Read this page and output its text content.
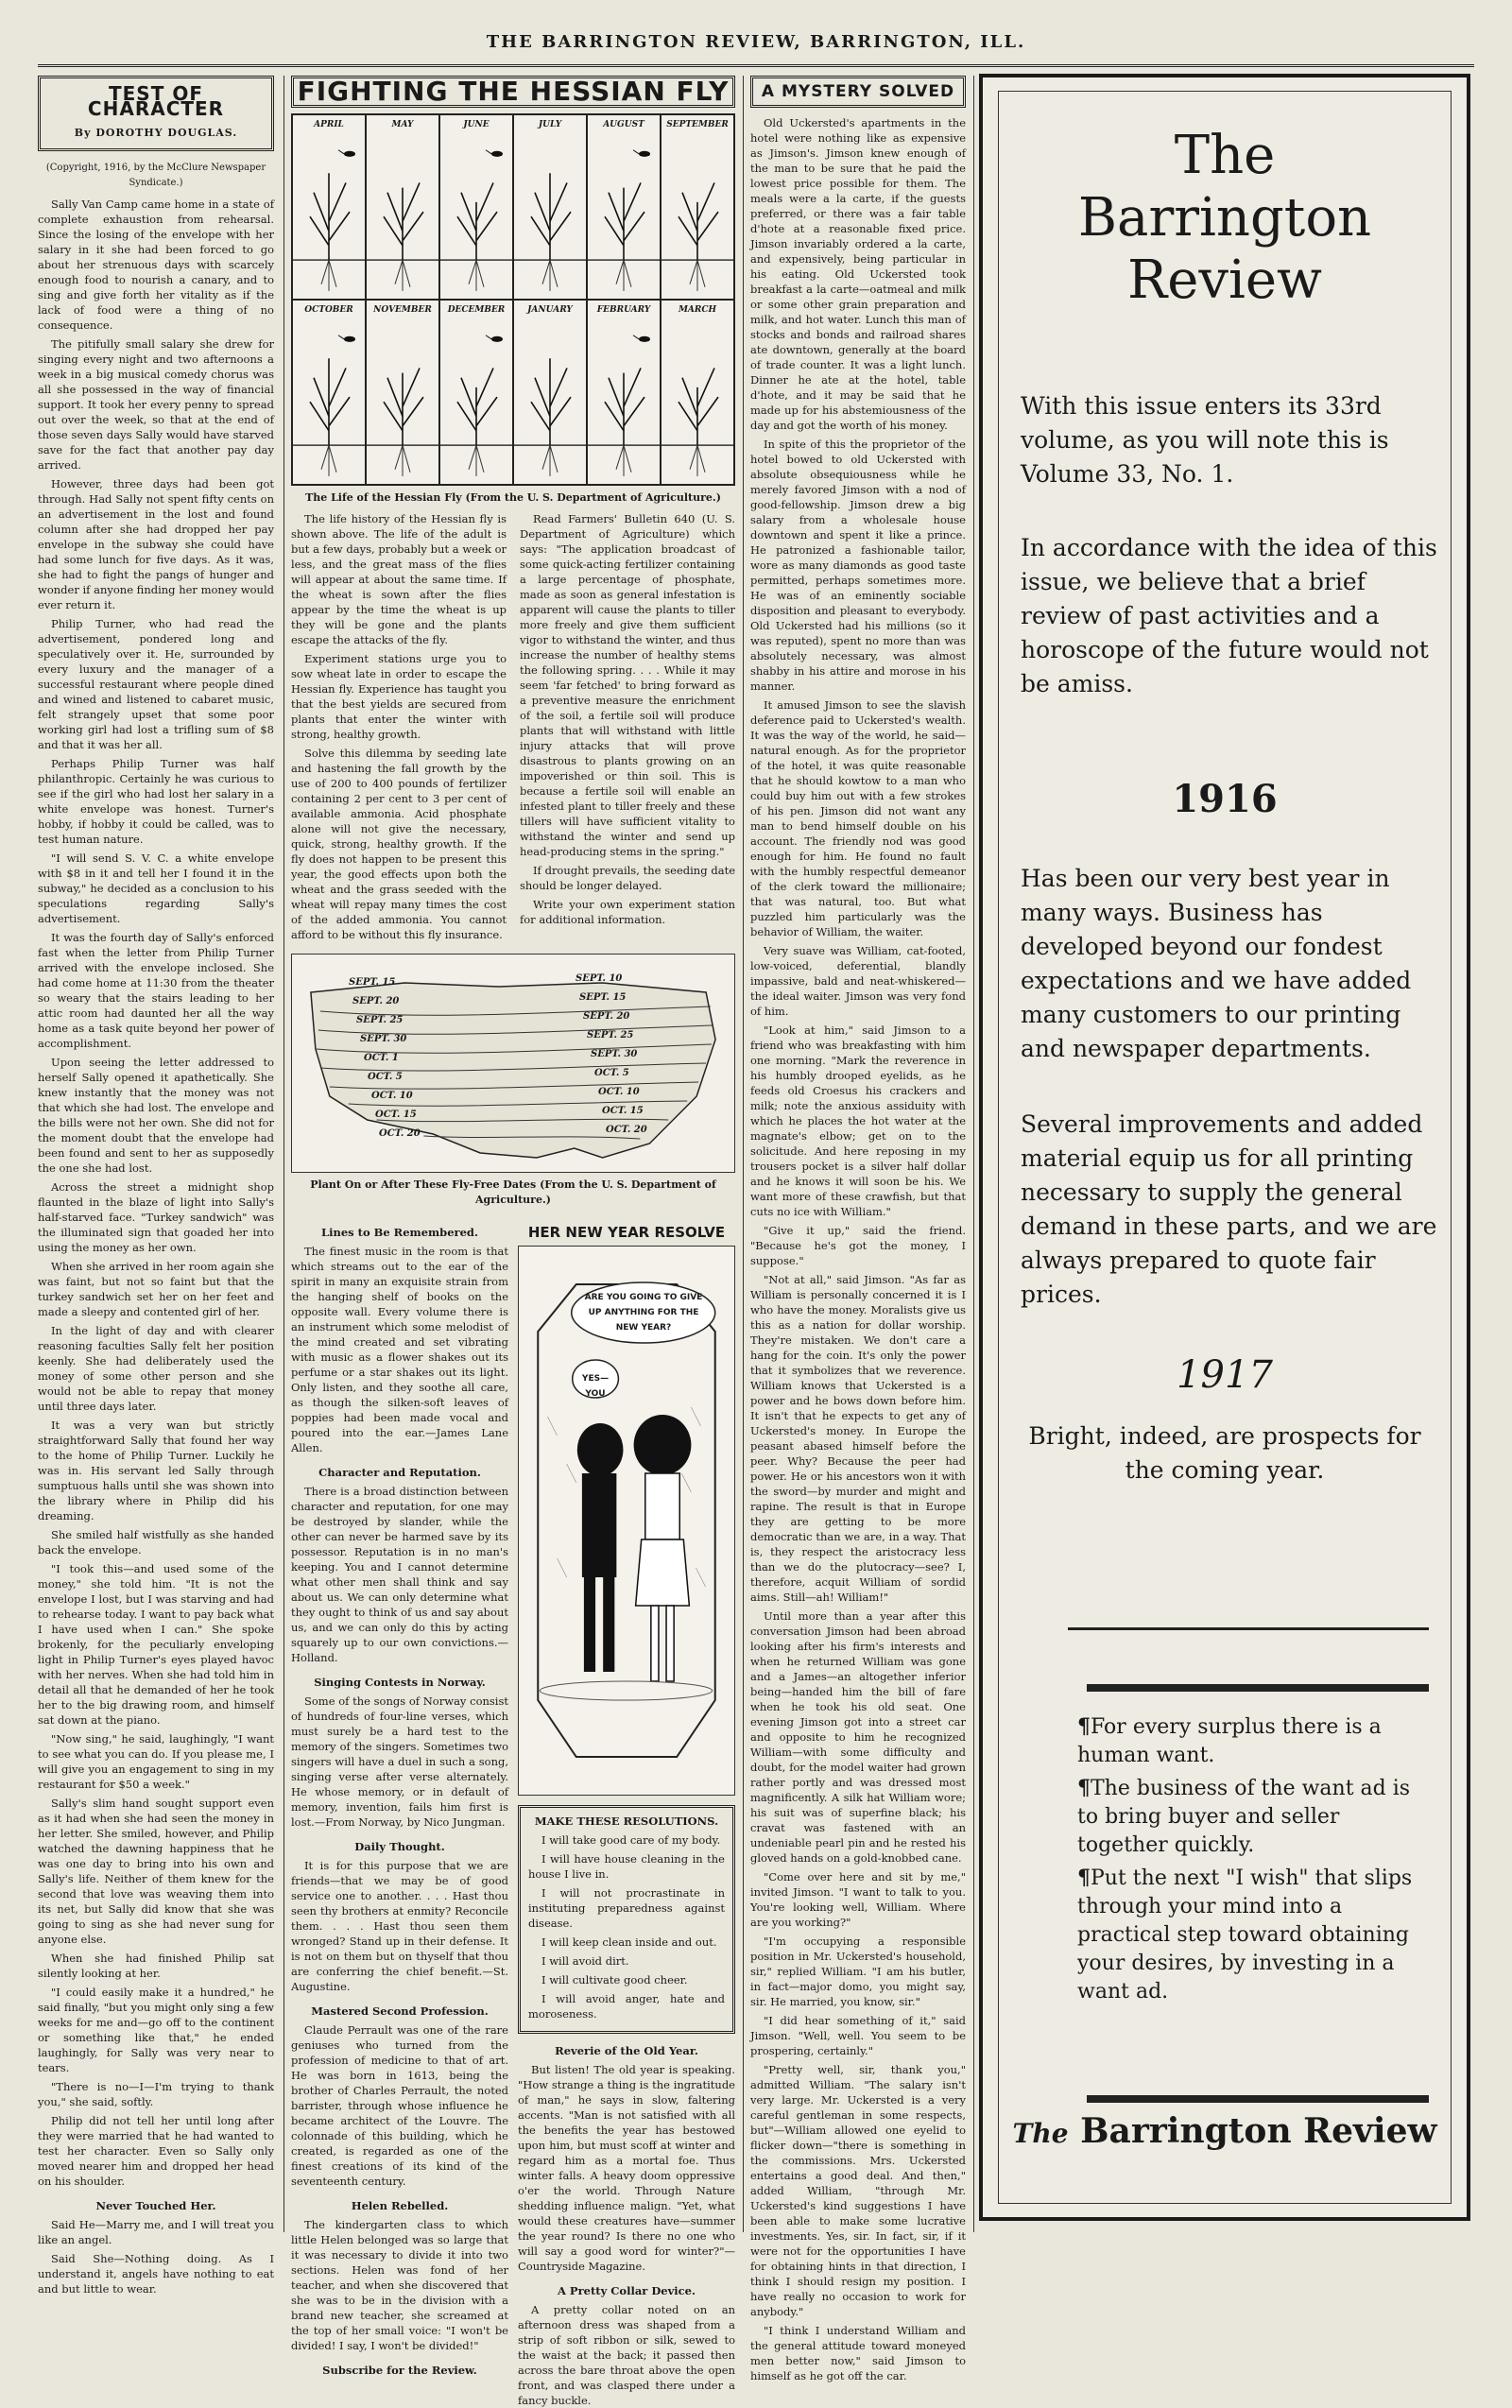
THE BARRINGTON REVIEW, BARRINGTON, ILL.
TEST OF CHARACTER
By DOROTHY DOUGLAS.
(Copyright, 1916, by the McClure Newspaper Syndicate.)

Sally Van Camp came home in a state of complete exhaustion from rehearsal. Since the losing of the envelope with her salary in it she had been forced to go about her strenuous days with scarcely enough food to nourish a canary, and to sing and give forth her vitality as if the lack of food were a thing of no consequence.

The pitifully small salary she drew for singing every night and two afternoons a week in a big musical comedy chorus was all she possessed in the way of financial support. It took her every penny to spread out over the week, so that at the end of those seven days Sally would have starved save for the fact that another pay day arrived.

However, three days had been got through. Had Sally not spent fifty cents on an advertisement in the lost and found column after she had dropped her pay envelope in the subway she could have had some lunch for five days. As it was, she had to fight the pangs of hunger and wonder if anyone finding her money would ever return it.

Philip Turner, who had read the advertisement, pondered long and speculatively over it. He, surrounded by every luxury and the manager of a successful restaurant where people dined and wined and listened to cabaret music, felt strangely upset that some poor working girl had lost a trifling sum of $8 and that it was her all.

Perhaps Philip Turner was half philanthropic. Certainly he was curious to see if the girl who had lost her salary in a white envelope was honest. Turner's hobby, if hobby it could be called, was to test human nature.

"I will send S. V. C. a white envelope with $8 in it and tell her I found it in the subway," he decided as a conclusion to his speculations regarding Sally's advertisement.

It was the fourth day of Sally's enforced fast when the letter from Philip Turner arrived with the envelope inclosed. She had come home at 11:30 from the theater so weary that the stairs leading to her attic room had daunted her all the way home as a task quite beyond her power of accomplishment.

Upon seeing the letter addressed to herself Sally opened it apathetically. She knew instantly that the money was not that which she had lost. The envelope and the bills were not her own. She did not for the moment doubt that the envelope had been found and sent to her as supposedly the one she had lost.

Across the street a midnight shop flaunted in the blaze of light into Sally's half-starved face. "Turkey sandwich" was the illuminated sign that goaded her into using the money as her own.

When she arrived in her room again she was faint, but not so faint but that the turkey sandwich set her on her feet and made a sleepy and contented girl of her.

In the light of day and with clearer reasoning faculties Sally felt her position keenly. She had deliberately used the money of some other person and she would not be able to repay that money until three days later.

It was a very wan but strictly straightforward Sally that found her way to the home of Philip Turner. Luckily he was in. His servant led Sally through sumptuous halls until she was shown into the library where in Philip did his dreaming.

She smiled half wistfully as she handed back the envelope.

"I took this—and used some of the money," she told him. "It is not the envelope I lost, but I was starving and had to rehearse today. I want to pay back what I have used when I can." She spoke brokenly, for the peculiarly enveloping light in Philip Turner's eyes played havoc with her nerves. When she had told him in detail all that he demanded of her he took her to the big drawing room, and himself sat down at the piano.

"Now sing," he said, laughingly, "I want to see what you can do. If you please me, I will give you an engagement to sing in my restaurant for $50 a week."

Sally's slim hand sought support even as it had when she had seen the money in her letter. She smiled, however, and Philip watched the dawning happiness that he was one day to bring into his own and Sally's life. Neither of them knew for the second that love was weaving them into its net, but Sally did know that she was going to sing as she had never sung for anyone else.

When she had finished Philip sat silently looking at her.

"I could easily make it a hundred," he said finally, "but you might only sing a few weeks for me and—go off to the continent or something like that," he ended laughingly, for Sally was very near to tears.

"There is no—I—I'm trying to thank you," she said, softly.

Philip did not tell her until long after they were married that he had wanted to test her character. Even so Sally only moved nearer him and dropped her head on his shoulder.

Never Touched Her.

Said He—Marry me, and I will treat you like an angel.

Said She—Nothing doing. As I understand it, angels have nothing to eat and but little to wear.

FIGHTING THE HESSIAN FLY
APRIL	MAY	JUNE	JULY	AUGUST	SEPTEMBER
OCTOBER	NOVEMBER	DECEMBER	JANUARY	FEBRUARY	MARCH
The Life of the Hessian Fly (From the U. S. Department of Agriculture.)

The life history of the Hessian fly is shown above. The life of the adult is but a few days, probably but a week or less, and the great mass of the flies will appear at about the same time. If the wheat is sown after the flies appear by the time the wheat is up they will be gone and the plants escape the attacks of the fly.

Experiment stations urge you to sow wheat late in order to escape the Hessian fly. Experience has taught you that the best yields are secured from plants that enter the winter with strong, healthy growth.

Solve this dilemma by seeding late and hastening the fall growth by the use of 200 to 400 pounds of fertilizer containing 2 per cent to 3 per cent of available ammonia. Acid phosphate alone will not give the necessary, quick, strong, healthy growth. If the fly does not happen to be present this year, the good effects upon both the wheat and the grass seeded with the wheat will repay many times the cost of the added ammonia. You cannot afford to be without this fly insurance.

Read Farmers' Bulletin 640 (U. S. Department of Agriculture) which says: "The application broadcast of some quick-acting fertilizer containing a large percentage of phosphate, made as soon as general infestation is apparent will cause the plants to tiller more freely and give them sufficient vigor to withstand the winter, and thus increase the number of healthy stems the following spring. . . . While it may seem 'far fetched' to bring forward as a preventive measure the enrichment of the soil, a fertile soil will produce plants that will withstand with little injury attacks that will prove disastrous to plants growing on an impoverished or thin soil. This is because a fertile soil will enable an infested plant to tiller freely and these tillers will have sufficient vitality to withstand the winter and send up head-producing stems in the spring."

If drought prevails, the seeding date should be longer delayed.

Write your own experiment station for additional information.

SEPT. 15
SEPT. 20
SEPT. 25
SEPT. 30
OCT. 1
OCT. 5
OCT. 10
OCT. 15
OCT. 20
SEPT. 10
SEPT. 15
SEPT. 20
SEPT. 25
SEPT. 30
OCT. 5
OCT. 10
OCT. 15
OCT. 20
Plant On or After These Fly-Free Dates (From the U. S. Department of Agriculture.)
Lines to Be Remembered.

The finest music in the room is that which streams out to the ear of the spirit in many an exquisite strain from the hanging shelf of books on the opposite wall. Every volume there is an instrument which some melodist of the mind created and set vibrating with music as a flower shakes out its perfume or a star shakes out its light. Only listen, and they soothe all care, as though the silken-soft leaves of poppies had been made vocal and poured into the ear.—James Lane Allen.

Character and Reputation.

There is a broad distinction between character and reputation, for one may be destroyed by slander, while the other can never be harmed save by its possessor. Reputation is in no man's keeping. You and I cannot determine what other men shall think and say about us. We can only determine what they ought to think of us and say about us, and we can only do this by acting squarely up to our own convictions.—Holland.

Singing Contests in Norway.

Some of the songs of Norway consist of hundreds of four-line verses, which must surely be a hard test to the memory of the singers. Sometimes two singers will have a duel in such a song, singing verse after verse alternately. He whose memory, or in default of memory, invention, fails him first is lost.—From Norway, by Nico Jungman.

Daily Thought.

It is for this purpose that we are friends—that we may be of good service one to another. . . . Hast thou seen thy brothers at enmity? Reconcile them. . . . Hast thou seen them wronged? Stand up in their defense. It is not on them but on thyself that thou are conferring the chief benefit.—St. Augustine.

Mastered Second Profession.

Claude Perrault was one of the rare geniuses who turned from the profession of medicine to that of art. He was born in 1613, being the brother of Charles Perrault, the noted barrister, through whose influence he became architect of the Louvre. The colonnade of this building, which he created, is regarded as one of the finest creations of its kind of the seventeenth century.

Helen Rebelled.

The kindergarten class to which little Helen belonged was so large that it was necessary to divide it into two sections. Helen was fond of her teacher, and when she discovered that she was to be in the division with a brand new teacher, she screamed at the top of her small voice: "I won't be divided! I say, I won't be divided!"

Subscribe for the Review.
HER NEW YEAR RESOLVE
ARE YOU GOING TO GIVE UP ANYTHING FOR THE NEW YEAR?
YES—YOU
MAKE THESE RESOLUTIONS.

I will take good care of my body.

I will have house cleaning in the house I live in.

I will not procrastinate in instituting preparedness against disease.

I will keep clean inside and out.

I will avoid dirt.

I will cultivate good cheer.

I will avoid anger, hate and moroseness.

Reverie of the Old Year.

But listen! The old year is speaking. "How strange a thing is the ingratitude of man," he says in slow, faltering accents. "Man is not satisfied with all the benefits the year has bestowed upon him, but must scoff at winter and regard him as a mortal foe. Thus winter falls. A heavy doom oppressive o'er the world. Through Nature shedding influence malign. "Yet, what would these creatures have—summer the year round? Is there no one who will say a good word for winter?"—Countryside Magazine.

A Pretty Collar Device.

A pretty collar noted on an afternoon dress was shaped from a strip of soft ribbon or silk, sewed to the waist at the back; it passed then across the bare throat above the open front, and was clasped there under a fancy buckle.

A MYSTERY SOLVED

Old Uckersted's apartments in the hotel were nothing like as expensive as Jimson's. Jimson knew enough of the man to be sure that he paid the lowest price possible for them. The meals were a la carte, if the guests preferred, or there was a fair table d'hote at a reasonable fixed price. Jimson invariably ordered a la carte, and expensively, being particular in his eating. Old Uckersted took breakfast a la carte—oatmeal and milk or some other grain preparation and milk, and hot water. Lunch this man of stocks and bonds and railroad shares ate downtown, generally at the board of trade counter. It was a light lunch. Dinner he ate at the hotel, table d'hote, and it may be said that he made up for his abstemiousness of the day and got the worth of his money.

In spite of this the proprietor of the hotel bowed to old Uckersted with absolute obsequiousness while he merely favored Jimson with a nod of good-fellowship. Jimson drew a big salary from a wholesale house downtown and spent it like a prince. He patronized a fashionable tailor, wore as many diamonds as good taste permitted, perhaps sometimes more. He was of an eminently sociable disposition and pleasant to everybody. Old Uckersted had his millions (so it was reputed), spent no more than was absolutely necessary, was almost shabby in his attire and morose in his manner.

It amused Jimson to see the slavish deference paid to Uckersted's wealth. It was the way of the world, he said—natural enough. As for the proprietor of the hotel, it was quite reasonable that he should kowtow to a man who could buy him out with a few strokes of his pen. Jimson did not want any man to bend himself double on his account. The friendly nod was good enough for him. He found no fault with the humbly respectful demeanor of the clerk toward the millionaire; that was natural, too. But what puzzled him particularly was the behavior of William, the waiter.

Very suave was William, cat-footed, low-voiced, deferential, blandly impassive, bald and neat-whiskered—the ideal waiter. Jimson was very fond of him.

"Look at him," said Jimson to a friend who was breakfasting with him one morning. "Mark the reverence in his humbly drooped eyelids, as he feeds old Croesus his crackers and milk; note the anxious assiduity with which he places the hot water at the magnate's elbow; get on to the solicitude. And here reposing in my trousers pocket is a silver half dollar and he knows it will soon be his. We want more of these crawfish, but that cuts no ice with William."

"Give it up," said the friend. "Because he's got the money, I suppose."

"Not at all," said Jimson. "As far as William is personally concerned it is I who have the money. Moralists give us this as a nation for dollar worship. They're mistaken. We don't care a hang for the coin. It's only the power that it symbolizes that we reverence. William knows that Uckersted is a power and he bows down before him. It isn't that he expects to get any of Uckersted's money. In Europe the peasant abased himself before the peer. Why? Because the peer had power. He or his ancestors won it with the sword—by murder and might and rapine. The result is that in Europe they are getting to be more democratic than we are, in a way. That is, they respect the aristocracy less than we do the plutocracy—see? I, therefore, acquit William of sordid aims. Still—ah! William!"

Until more than a year after this conversation Jimson had been abroad looking after his firm's interests and when he returned William was gone and a James—an altogether inferior being—handed him the bill of fare when he took his old seat. One evening Jimson got into a street car and opposite to him he recognized William—with some difficulty and doubt, for the model waiter had grown rather portly and was dressed most magnificently. A silk hat William wore; his suit was of superfine black; his cravat was fastened with an undeniable pearl pin and he rested his gloved hands on a gold-knobbed cane.

"Come over here and sit by me," invited Jimson. "I want to talk to you. You're looking well, William. Where are you working?"

"I'm occupying a responsible position in Mr. Uckersted's household, sir," replied William. "I am his butler, in fact—major domo, you might say, sir. He married, you know, sir."

"I did hear something of it," said Jimson. "Well, well. You seem to be prospering, certainly."

"Pretty well, sir, thank you," admitted William. "The salary isn't very large. Mr. Uckersted is a very careful gentleman in some respects, but"—William allowed one eyelid to flicker down—"there is something in the commissions. Mrs. Uckersted entertains a good deal. And then," added William, "through Mr. Uckersted's kind suggestions I have been able to make some lucrative investments. Yes, sir. In fact, sir, if it were not for the opportunities I have for obtaining hints in that direction, I think I should resign my position. I have really no occasion to work for anybody."

"I think I understand William and the general attitude toward moneyed men better now," said Jimson to himself as he got off the car.

The
Barrington
Review
With this issue enters its 33rd volume, as you will note this is Volume 33, No. 1.
In accordance with the idea of this issue, we believe that a brief review of past activities and a horoscope of the future would not be amiss.
1916
Has been our very best year in many ways. Business has developed beyond our fondest expectations and we have added many customers to our printing and newspaper departments.
Several improvements and added material equip us for all printing necessary to supply the general demand in these parts, and we are always prepared to quote fair prices.
1917
Bright, indeed, are prospects for the coming year.

¶For every surplus there is a human want.

¶The business of the want ad is to bring buyer and seller together quickly.

¶Put the next "I wish" that slips through your mind into a practical step toward obtaining your desires, by investing in a want ad.

The Barrington Review
